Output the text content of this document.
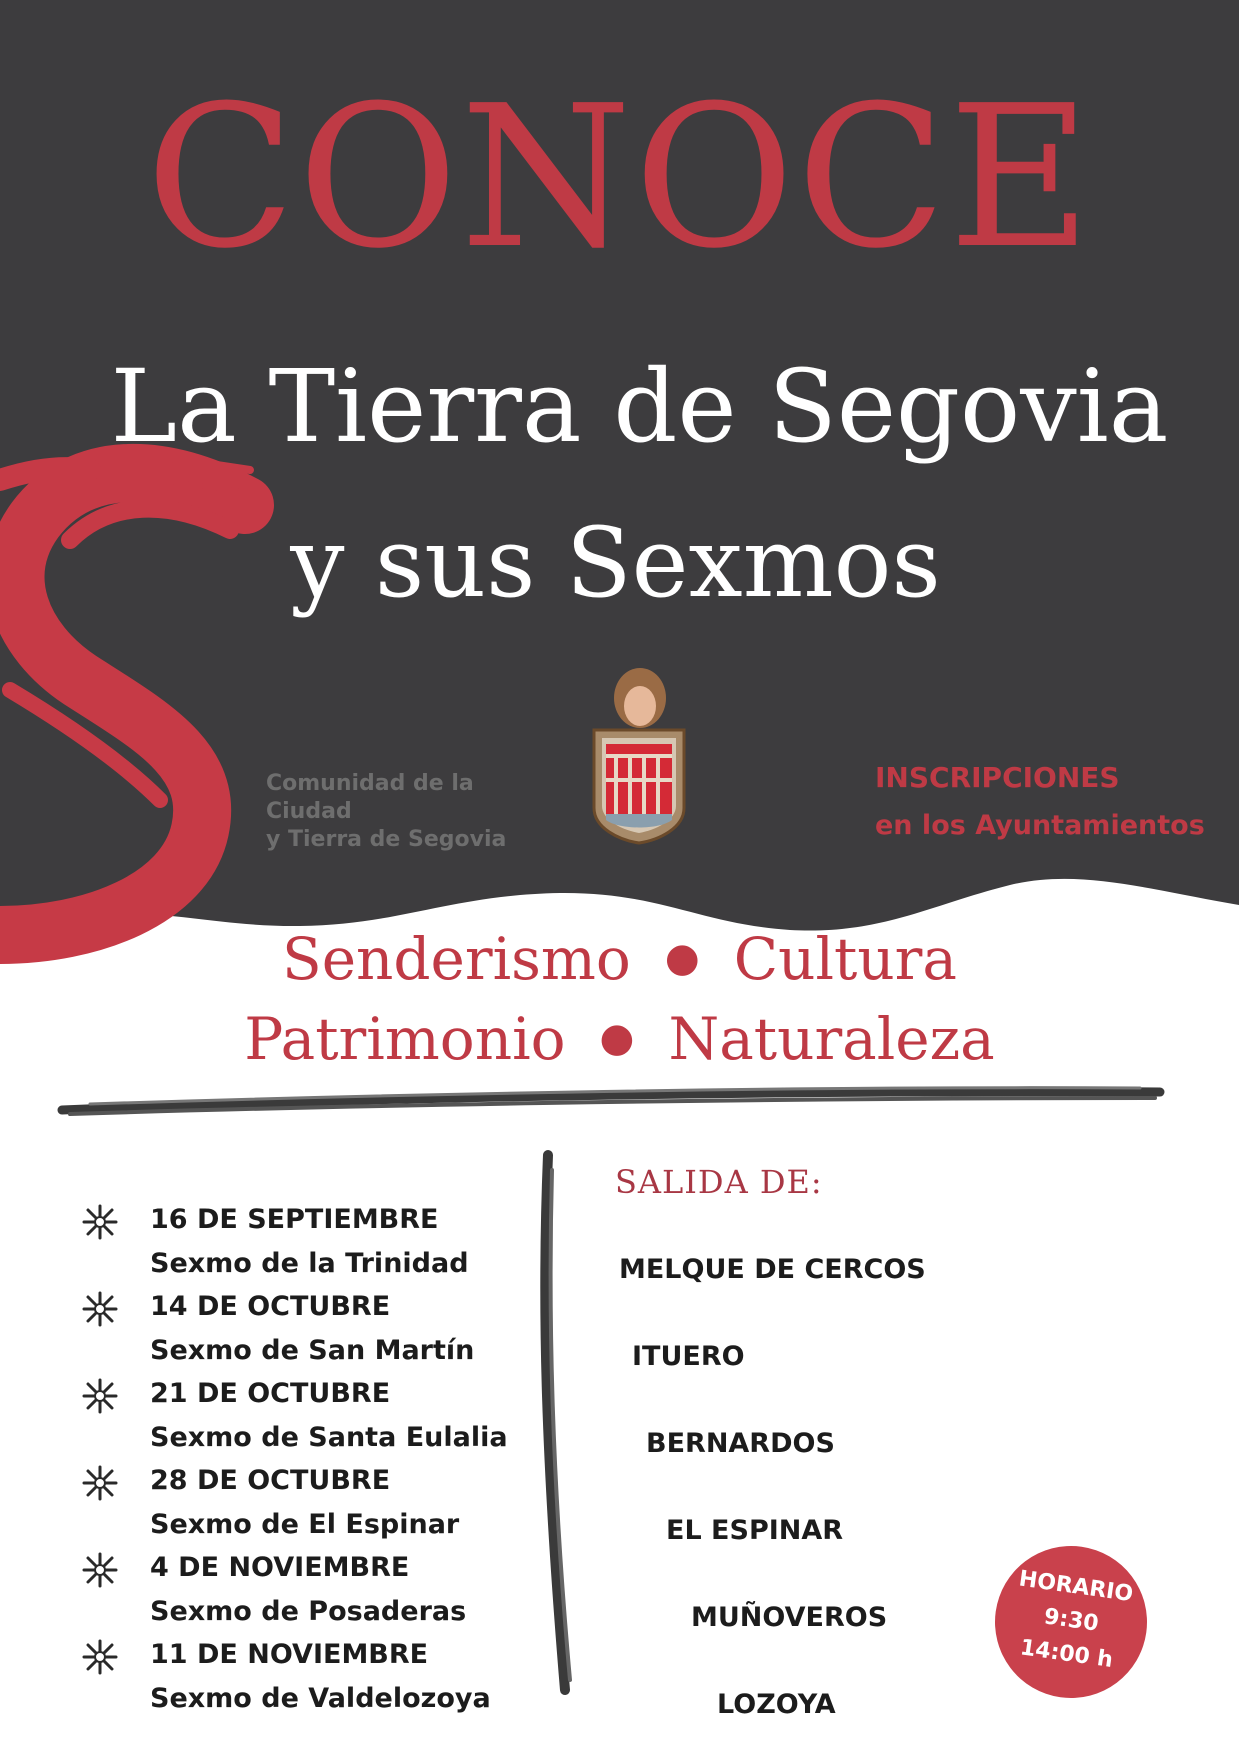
CONOCE
La Tierra de Segovia
y sus Sexmos
Comunidad de la Ciudad
y Tierra de Segovia
INSCRIPCIONES
en los Ayuntamientos
Senderismo ● Cultura
Patrimonio ● Naturaleza
16 DE SEPTIEMBRE
Sexmo de la Trinidad
14 DE OCTUBRE
Sexmo de San Martín
21 DE OCTUBRE
Sexmo de Santa Eulalia
28 DE OCTUBRE
Sexmo de El Espinar
4 DE NOVIEMBRE
Sexmo de Posaderas
11 DE NOVIEMBRE
Sexmo de Valdelozoya
SALIDA DE:
MELQUE DE CERCOS
ITUERO
BERNARDOS
EL ESPINAR
MUÑOVEROS
LOZOYA
HORARIO
9:30
14:00 h
